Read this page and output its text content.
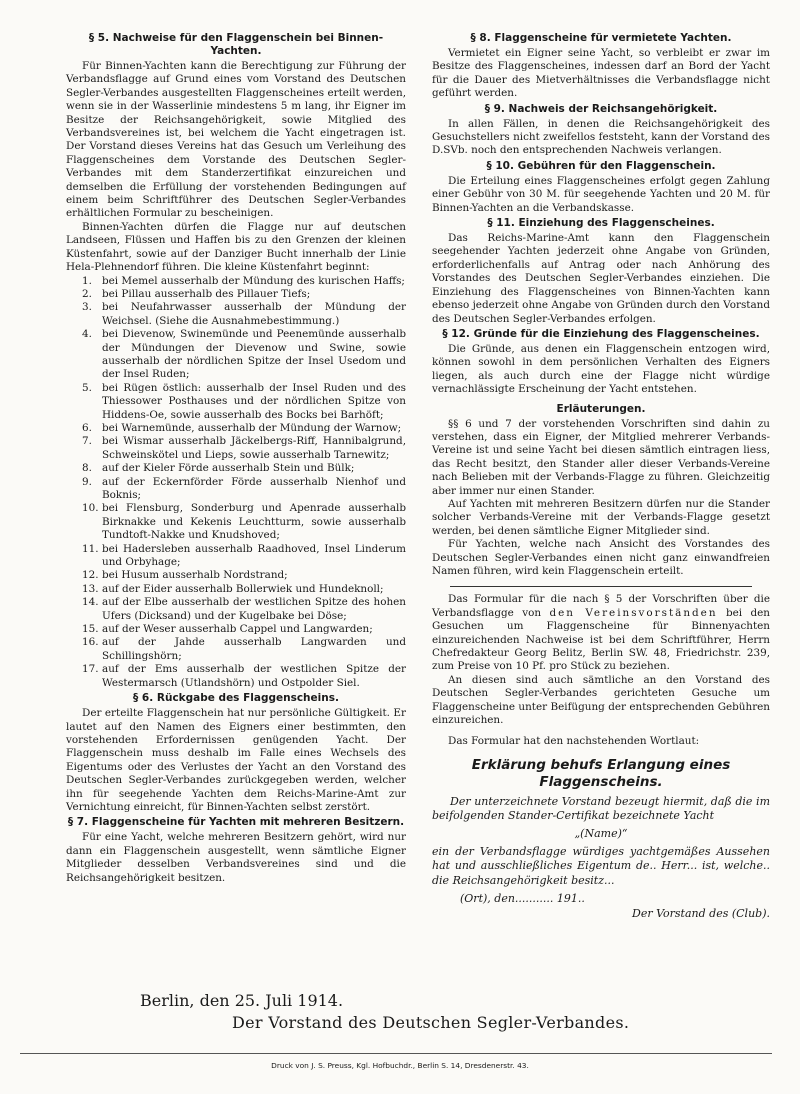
§ 5. Nachweise für den Flaggenschein bei Binnen-Yachten.

Für Binnen-Yachten kann die Berechtigung zur Führung der Verbandsflagge auf Grund eines vom Vorstand des Deutschen Segler-Verbandes ausgestellten Flaggenscheines erteilt werden, wenn sie in der Wasserlinie mindestens 5 m lang, ihr Eigner im Besitze der Reichsangehörigkeit, sowie Mitglied des Verbandsvereines ist, bei welchem die Yacht eingetragen ist. Der Vorstand dieses Vereins hat das Gesuch um Verleihung des Flaggenscheines dem Vorstande des Deutschen Segler-Verbandes mit dem Standerzertifikat einzureichen und demselben die Erfüllung der vorstehenden Bedingungen auf einem beim Schriftführer des Deutschen Segler-Verbandes erhältlichen Formular zu bescheinigen.

Binnen-Yachten dürfen die Flagge nur auf deutschen Landseen, Flüssen und Haffen bis zu den Grenzen der kleinen Küstenfahrt, sowie auf der Danziger Bucht innerhalb der Linie Hela-Plehnendorf führen. Die kleine Küstenfahrt beginnt:

1. bei Memel ausserhalb der Mündung des kurischen Haffs;
2. bei Pillau ausserhalb des Pillauer Tiefs;
3. bei Neufahrwasser ausserhalb der Mündung der Weichsel. (Siehe die Ausnahmebestimmung.)
4. bei Dievenow, Swinemünde und Peenemünde ausserhalb der Mündungen der Dievenow und Swine, sowie ausserhalb der nördlichen Spitze der Insel Usedom und der Insel Ruden;
5. bei Rügen östlich: ausserhalb der Insel Ruden und des Thiessower Posthauses und der nördlichen Spitze von Hiddens-Oe, sowie ausserhalb des Bocks bei Barhöft;
6. bei Warnemünde, ausserhalb der Mündung der Warnow;
7. bei Wismar ausserhalb Jäckelbergs-Riff, Hannibalgrund, Schweinskötel und Lieps, sowie ausserhalb Tarnewitz;
8. auf der Kieler Förde ausserhalb Stein und Bülk;
9. auf der Eckernförder Förde ausserhalb Nienhof und Boknis;
10. bei Flensburg, Sonderburg und Apenrade ausserhalb Birknakke und Kekenis Leuchtturm, sowie ausserhalb Tundtoft-Nakke und Knudshoved;
11. bei Hadersleben ausserhalb Raadhoved, Insel Linderum und Orbyhage;
12. bei Husum ausserhalb Nordstrand;
13. auf der Eider ausserhalb Bollerwiek und Hundeknoll;
14. auf der Elbe ausserhalb der westlichen Spitze des hohen Ufers (Dicksand) und der Kugelbake bei Döse;
15. auf der Weser ausserhalb Cappel und Langwarden;
16. auf der Jahde ausserhalb Langwarden und Schillingshörn;
17. auf der Ems ausserhalb der westlichen Spitze der Westermarsch (Utlandshörn) und Ostpolder Siel.
§ 6. Rückgabe des Flaggenscheins.

Der erteilte Flaggenschein hat nur persönliche Gültigkeit. Er lautet auf den Namen des Eigners einer bestimmten, den vorstehenden Erfordernissen genügenden Yacht. Der Flaggenschein muss deshalb im Falle eines Wechsels des Eigentums oder des Verlustes der Yacht an den Vorstand des Deutschen Segler-Verbandes zurückgegeben werden, welcher ihn für seegehende Yachten dem Reichs-Marine-Amt zur Vernichtung einreicht, für Binnen-Yachten selbst zerstört.

§ 7. Flaggenscheine für Yachten mit mehreren Besitzern.

Für eine Yacht, welche mehreren Besitzern gehört, wird nur dann ein Flaggenschein ausgestellt, wenn sämtliche Eigner Mitglieder desselben Verbandsvereines sind und die Reichsangehörigkeit besitzen.

§ 8. Flaggenscheine für vermietete Yachten.

Vermietet ein Eigner seine Yacht, so verbleibt er zwar im Besitze des Flaggenscheines, indessen darf an Bord der Yacht für die Dauer des Mietverhältnisses die Verbandsflagge nicht geführt werden.

§ 9. Nachweis der Reichsangehörigkeit.

In allen Fällen, in denen die Reichsangehörigkeit des Gesuchstellers nicht zweifellos feststeht, kann der Vorstand des D.SVb. noch den entsprechenden Nachweis verlangen.

§ 10. Gebühren für den Flaggenschein.

Die Erteilung eines Flaggenscheines erfolgt gegen Zahlung einer Gebühr von 30 M. für seegehende Yachten und 20 M. für Binnen-Yachten an die Verbandskasse.

§ 11. Einziehung des Flaggenscheines.

Das Reichs-Marine-Amt kann den Flaggenschein seegehender Yachten jederzeit ohne Angabe von Gründen, erforderlichenfalls auf Antrag oder nach Anhörung des Vorstandes des Deutschen Segler-Verbandes einziehen. Die Einziehung des Flaggenscheines von Binnen-Yachten kann ebenso jederzeit ohne Angabe von Gründen durch den Vorstand des Deutschen Segler-Verbandes erfolgen.

§ 12. Gründe für die Einziehung des Flaggenscheines.

Die Gründe, aus denen ein Flaggenschein entzogen wird, können sowohl in dem persönlichen Verhalten des Eigners liegen, als auch durch eine der Flagge nicht würdige vernachlässigte Erscheinung der Yacht entstehen.

Erläuterungen.

§§ 6 und 7 der vorstehenden Vorschriften sind dahin zu verstehen, dass ein Eigner, der Mitglied mehrerer Verbands-Vereine ist und seine Yacht bei diesen sämtlich eintragen liess, das Recht besitzt, den Stander aller dieser Verbands-Vereine nach Belieben mit der Verbands-Flagge zu führen. Gleichzeitig aber immer nur einen Stander.

Auf Yachten mit mehreren Besitzern dürfen nur die Stander solcher Verbands-Vereine mit der Verbands-Flagge gesetzt werden, bei denen sämtliche Eigner Mitglieder sind.

Für Yachten, welche nach Ansicht des Vorstandes des Deutschen Segler-Verbandes einen nicht ganz einwandfreien Namen führen, wird kein Flaggenschein erteilt.

Das Formular für die nach § 5 der Vorschriften über die Verbandsflagge von den Vereinsvorständen bei den Gesuchen um Flaggenscheine für Binnenyachten einzureichenden Nachweise ist bei dem Schriftführer, Herrn Chefredakteur Georg Belitz, Berlin SW. 48, Friedrichstr. 239, zum Preise von 10 Pf. pro Stück zu beziehen.

An diesen sind auch sämtliche an den Vorstand des Deutschen Segler-Verbandes gerichteten Gesuche um Flaggenscheine unter Beifügung der entsprechenden Gebühren einzureichen.

Das Formular hat den nachstehenden Wortlaut:

Erklärung behufs Erlangung eines Flaggenscheins.

Der unterzeichnete Vorstand bezeugt hiermit, daß die im beifolgenden Stander-Certifikat bezeichnete Yacht

„(Name)“

ein der Verbandsflagge würdiges yachtgemäßes Aussehen hat und ausschließliches Eigentum de.. Herr... ist, welche.. die Reichsangehörigkeit besitz...

(Ort), den........... 191..

Der Vorstand des (Club).

Berlin, den 25. Juli 1914.
Der Vorstand des Deutschen Segler-Verbandes.
Druck von J. S. Preuss, Kgl. Hofbuchdr., Berlin S. 14, Dresdenerstr. 43.
